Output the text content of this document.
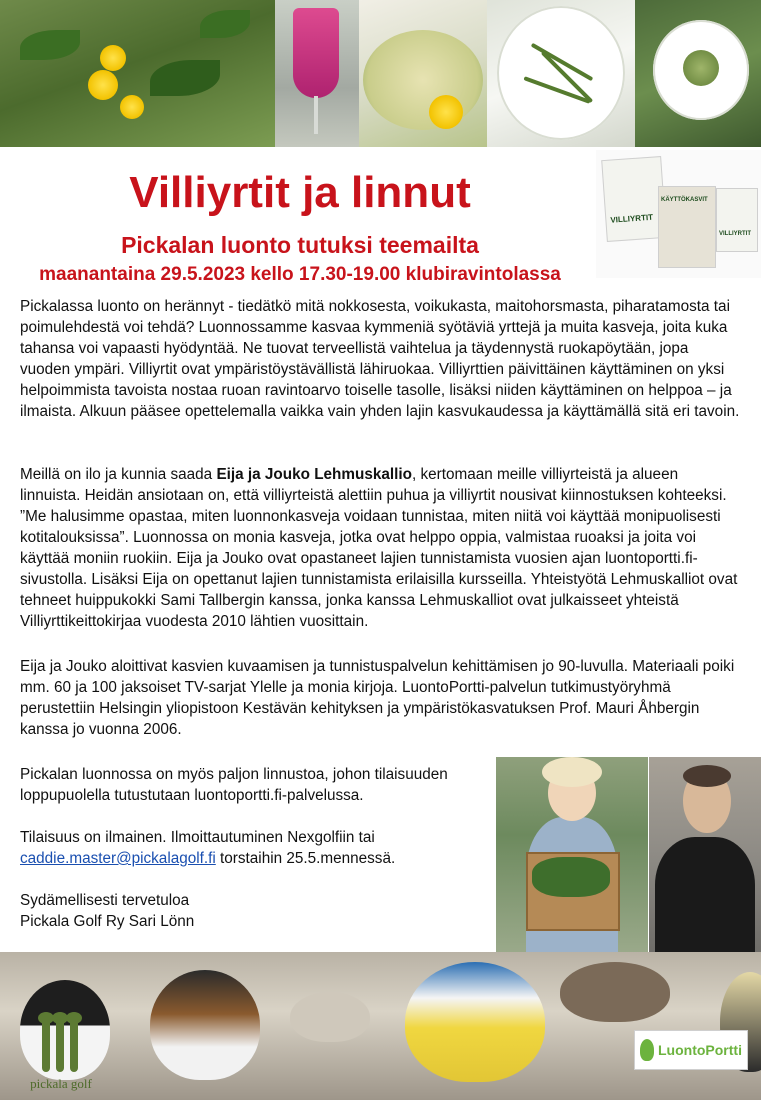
Villiyrtit ja linnut
Pickalan luonto tutuksi teemailta
maanantaina 29.5.2023 kello 17.30-19.00 klubiravintolassa
VILLIYRTIT
KÄYTTÖKASVIT
VILLIYRTIT

Pickalassa luonto on herännyt - tiedätkö mitä nokkosesta, voikukasta, maitohorsmasta, piharatamosta tai poimulehdestä voi tehdä? Luonnossamme kasvaa kymmeniä syötäviä yrttejä ja muita kasveja, joita kuka tahansa voi vapaasti hyödyntää. Ne tuovat terveellistä vaihtelua ja täydennystä ruokapöytään, jopa vuoden ympäri. Villiyrtit ovat ympäristöystävällistä lähiruokaa. Villiyrttien päivittäinen käyttäminen on yksi helpoimmista tavoista nostaa ruoan ravintoarvo toiselle tasolle, lisäksi niiden käyttäminen on helppoa – ja ilmaista. Alkuun pääsee opettelemalla vaikka vain yhden lajin kasvukaudessa ja käyttämällä sitä eri tavoin.

Meillä on ilo ja kunnia saada Eija ja Jouko Lehmuskallio, kertomaan meille villiyrteistä ja alueen linnuista. Heidän ansiotaan on, että villiyrteistä alettiin puhua ja villiyrtit nousivat kiinnostuksen kohteeksi. ”Me halusimme opastaa, miten luonnonkasveja voidaan tunnistaa, miten niitä voi käyttää monipuolisesti kotitalouksissa”. Luonnossa on monia kasveja, jotka ovat helppo oppia, valmistaa ruoaksi ja joita voi käyttää moniin ruokiin. Eija ja Jouko ovat opastaneet lajien tunnistamista vuosien ajan luontoportti.fi-sivustolla. Lisäksi Eija on opettanut lajien tunnistamista erilaisilla kursseilla. Yhteistyötä Lehmuskalliot ovat tehneet huippukokki Sami Tallbergin kanssa, jonka kanssa Lehmuskalliot ovat julkaisseet yhteistä Villiyrttikeittokirjaa vuodesta 2010 lähtien vuosittain.

Eija ja Jouko aloittivat kasvien kuvaamisen ja tunnistuspalvelun kehittämisen jo 90-luvulla. Materiaali poiki mm. 60 ja 100 jaksoiset TV-sarjat Ylelle ja monia kirjoja. LuontoPortti-palvelun tutkimustyöryhmä perustettiin Helsingin yliopistoon Kestävän kehityksen ja ympäristökasvatuksen Prof. Mauri Åhbergin kanssa jo vuonna 2006.

Pickalan luonnossa on myös paljon linnustoa, johon tilaisuuden loppupuolella tutustutaan luontoportti.fi-palvelussa.

Tilaisuus on ilmainen. Ilmoittautuminen Nexgolfiin tai
caddie.master@pickalagolf.fi torstaihin 25.5.mennessä.
Sydämellisesti tervetuloa
Pickala Golf Ry Sari Lönn
pickala golf
LuontoPortti
